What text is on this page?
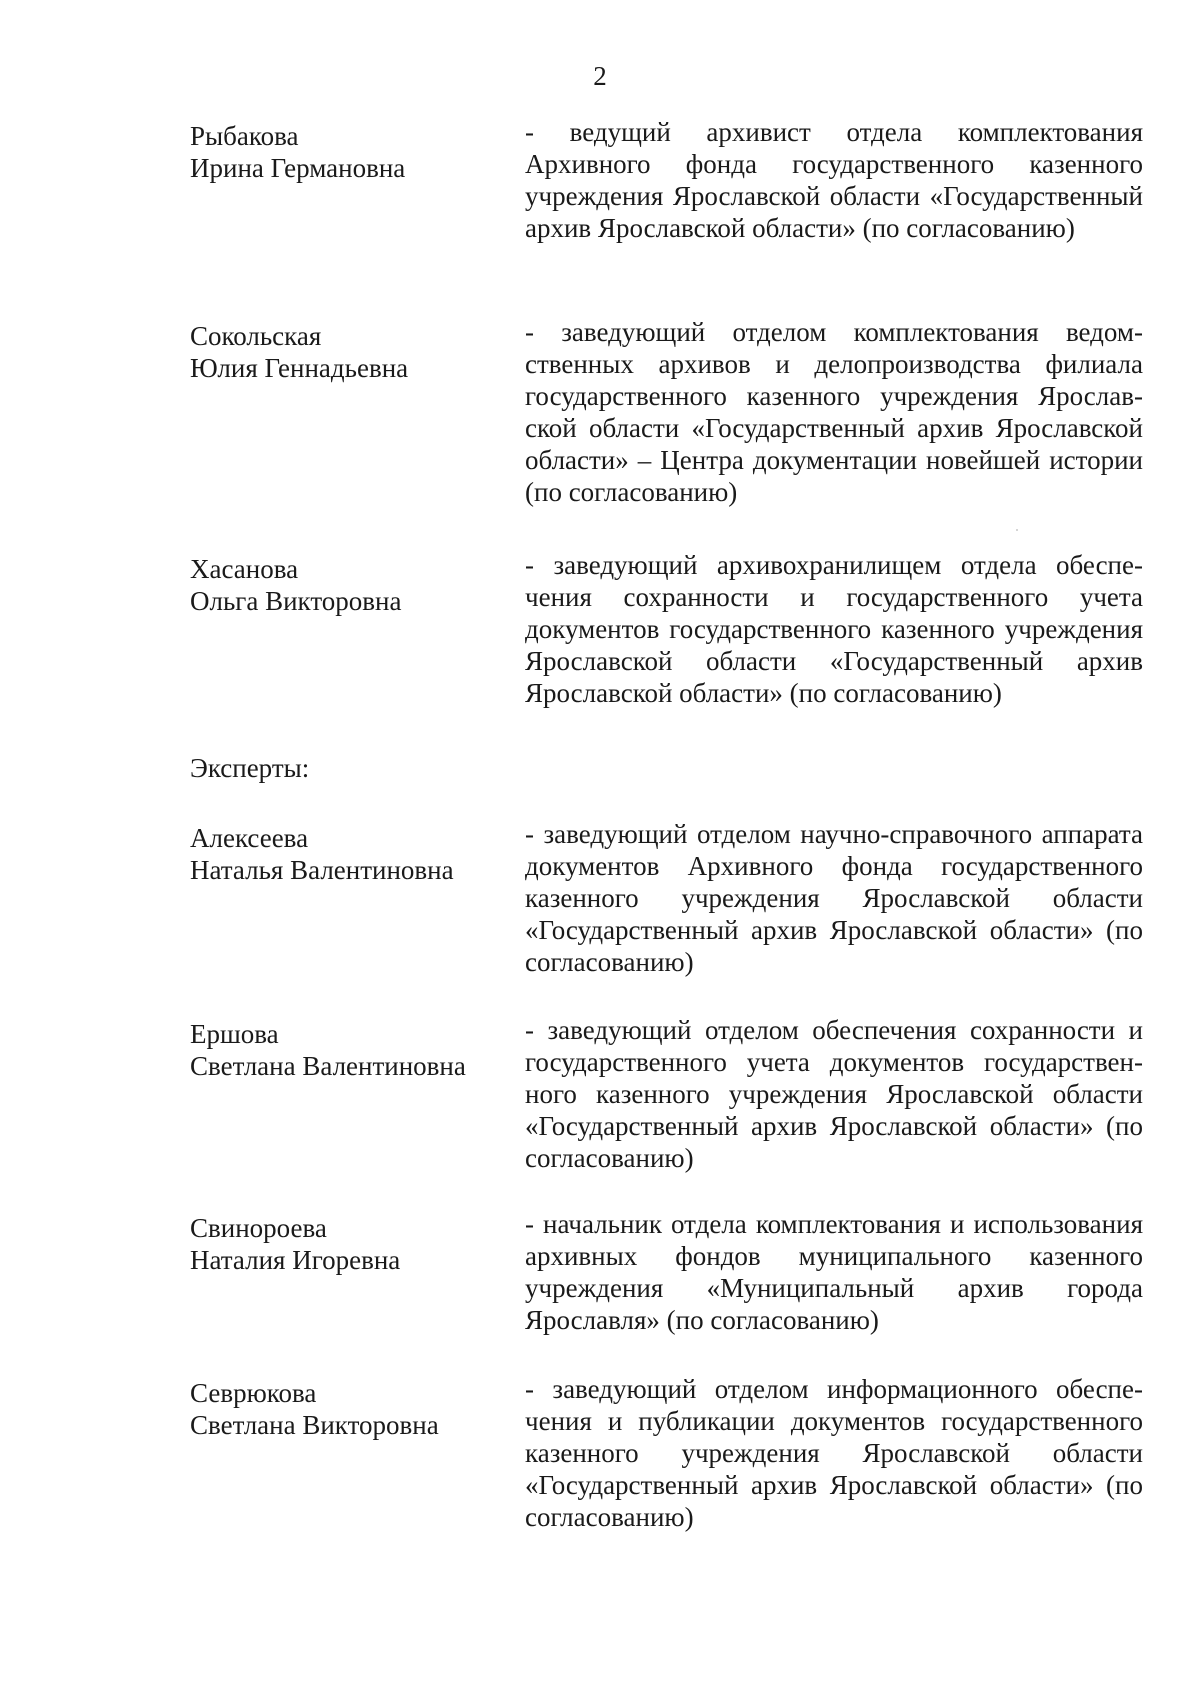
2
Рыбакова
Ирина Германовна
- ведущий архивист отдела комплектования Архивного фонда государственного казенного учреждения Ярославской области «Государственный архив Ярославской области» (по согласованию)
Сокольская
Юлия Геннадьевна
- заведующий отделом комплектования ведомственных архивов и делопроизводства филиала государственного казенного учреждения Ярославской области «Государственный архив Ярославской области» – Центра документации новейшей истории (по согласованию)
Хасанова
Ольга Викторовна
- заведующий архивохранилищем отдела обеспечения сохранности и государственного учета документов государственного казенного учреждения Ярославской области «Государственный архив Ярославской области» (по согласованию)
Эксперты:
Алексеева
Наталья Валентиновна
- заведующий отделом научно-справочного аппарата документов Архивного фонда государственного казенного учреждения Ярославской области «Государственный архив Ярославской области» (по согласованию)
Ершова
Светлана Валентиновна
- заведующий отделом обеспечения сохранности и государственного учета документов государственного казенного учреждения Ярославской области «Государственный архив Ярославской области» (по согласованию)
Свинороева
Наталия Игоревна
- начальник отдела комплектования и использования архивных фондов муниципального казенного учреждения «Муниципальный архив города Ярославля» (по согласованию)
Севрюкова
Светлана Викторовна
- заведующий отделом информационного обеспечения и публикации документов государственного казенного учреждения Ярославской области «Государственный архив Ярославской области» (по согласованию)
